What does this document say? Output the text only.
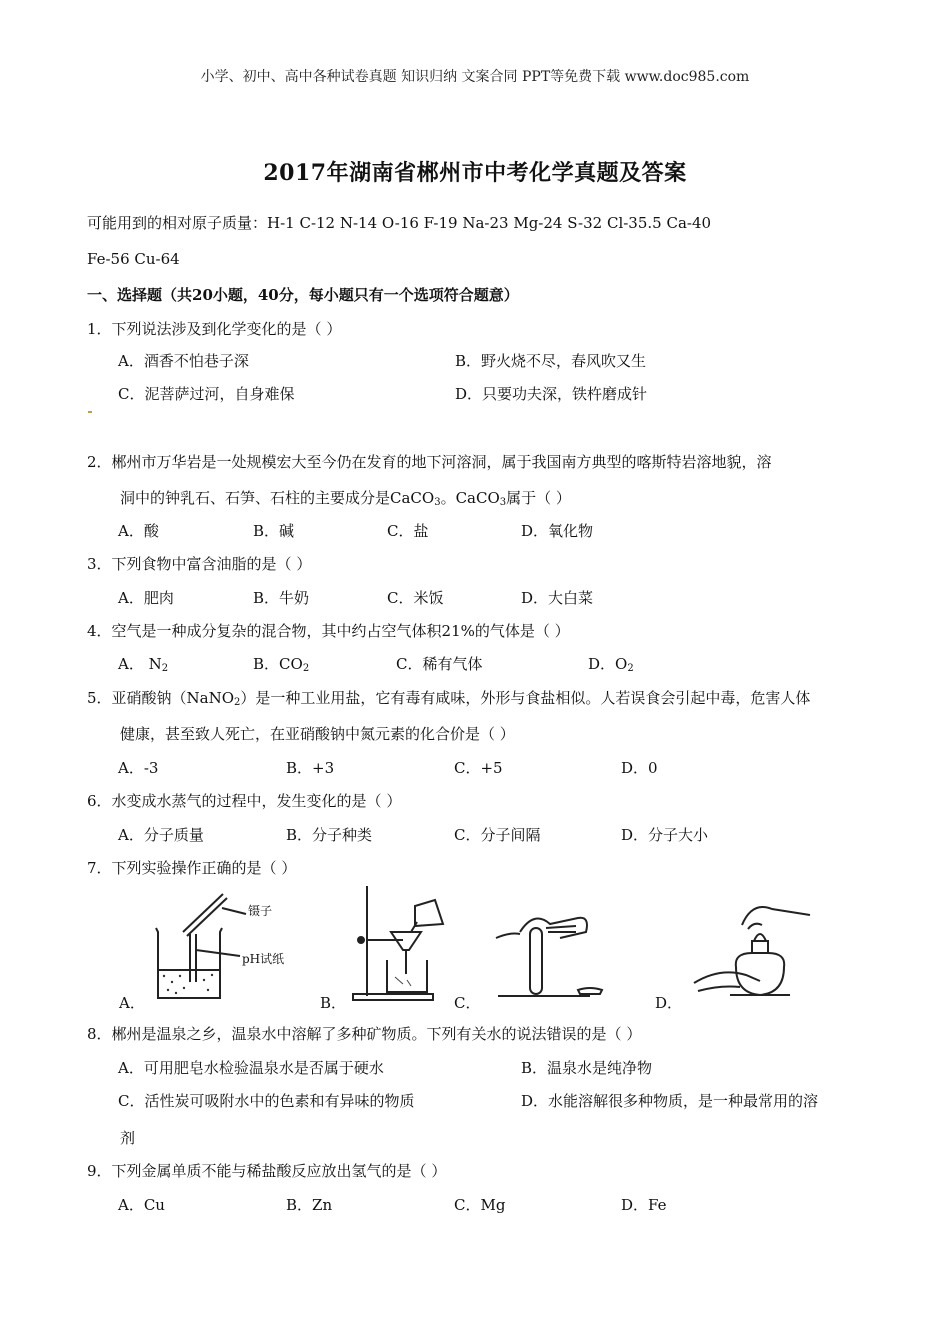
小学、初中、高中各种试卷真题 知识归纳 文案合同 PPT等免费下载 www.doc985.com
2017年湖南省郴州市中考化学真题及答案
可能用到的相对原子质量：H-1 C-12 N-14 O-16 F-19 Na-23 Mg-24 S-32 Cl-35.5 Ca-40
Fe-56 Cu-64
一、选择题（共20小题，40分，每小题只有一个选项符合题意）
1．下列说法涉及到化学变化的是（ ）
A．酒香不怕巷子深	B．野火烧不尽，春风吹又生
C．泥菩萨过河，自身难保	D．只要功夫深，铁杵磨成针
2．郴州市万华岩是一处规模宏大至今仍在发育的地下河溶洞，属于我国南方典型的喀斯特岩溶地貌，溶
洞中的钟乳石、石笋、石柱的主要成分是CaCO$_3$。CaCO$_3$属于（ ）
A．酸	B．碱	C．盐	D．氧化物
3．下列食物中富含油脂的是（ ）
A．肥肉	B．牛奶	C．米饭	D．大白菜
4．空气是一种成分复杂的混合物，其中约占空气体积21%的气体是（ ）
A． $N_2$	B．$CO_2$	C．稀有气体	D．$O_2$
5．亚硝酸钠（NaNO$_2$）是一种工业用盐，它有毒有咸味，外形与食盐相似。人若误食会引起中毒，危害人体
健康，甚至致人死亡，在亚硝酸钠中氮元素的化合价是（ ）
A．-3	B．+3	C．+5	D．0
6．水变成水蒸气的过程中，发生变化的是（ ）
A．分子质量	B．分子种类	C．分子间隔	D．分子大小
7．下列实验操作正确的是（ ）
镊子
pH试纸
A．	B．	C．	D．
8．郴州是温泉之乡，温泉水中溶解了多种矿物质。下列有关水的说法错误的是（ ）
A．可用肥皂水检验温泉水是否属于硬水	B．温泉水是纯净物
C．活性炭可吸附水中的色素和有异味的物质	D．水能溶解很多种物质，是一种最常用的溶
剂
9．下列金属单质不能与稀盐酸反应放出氢气的是（ ）
A．Cu	B．Zn	C．Mg	D．Fe
